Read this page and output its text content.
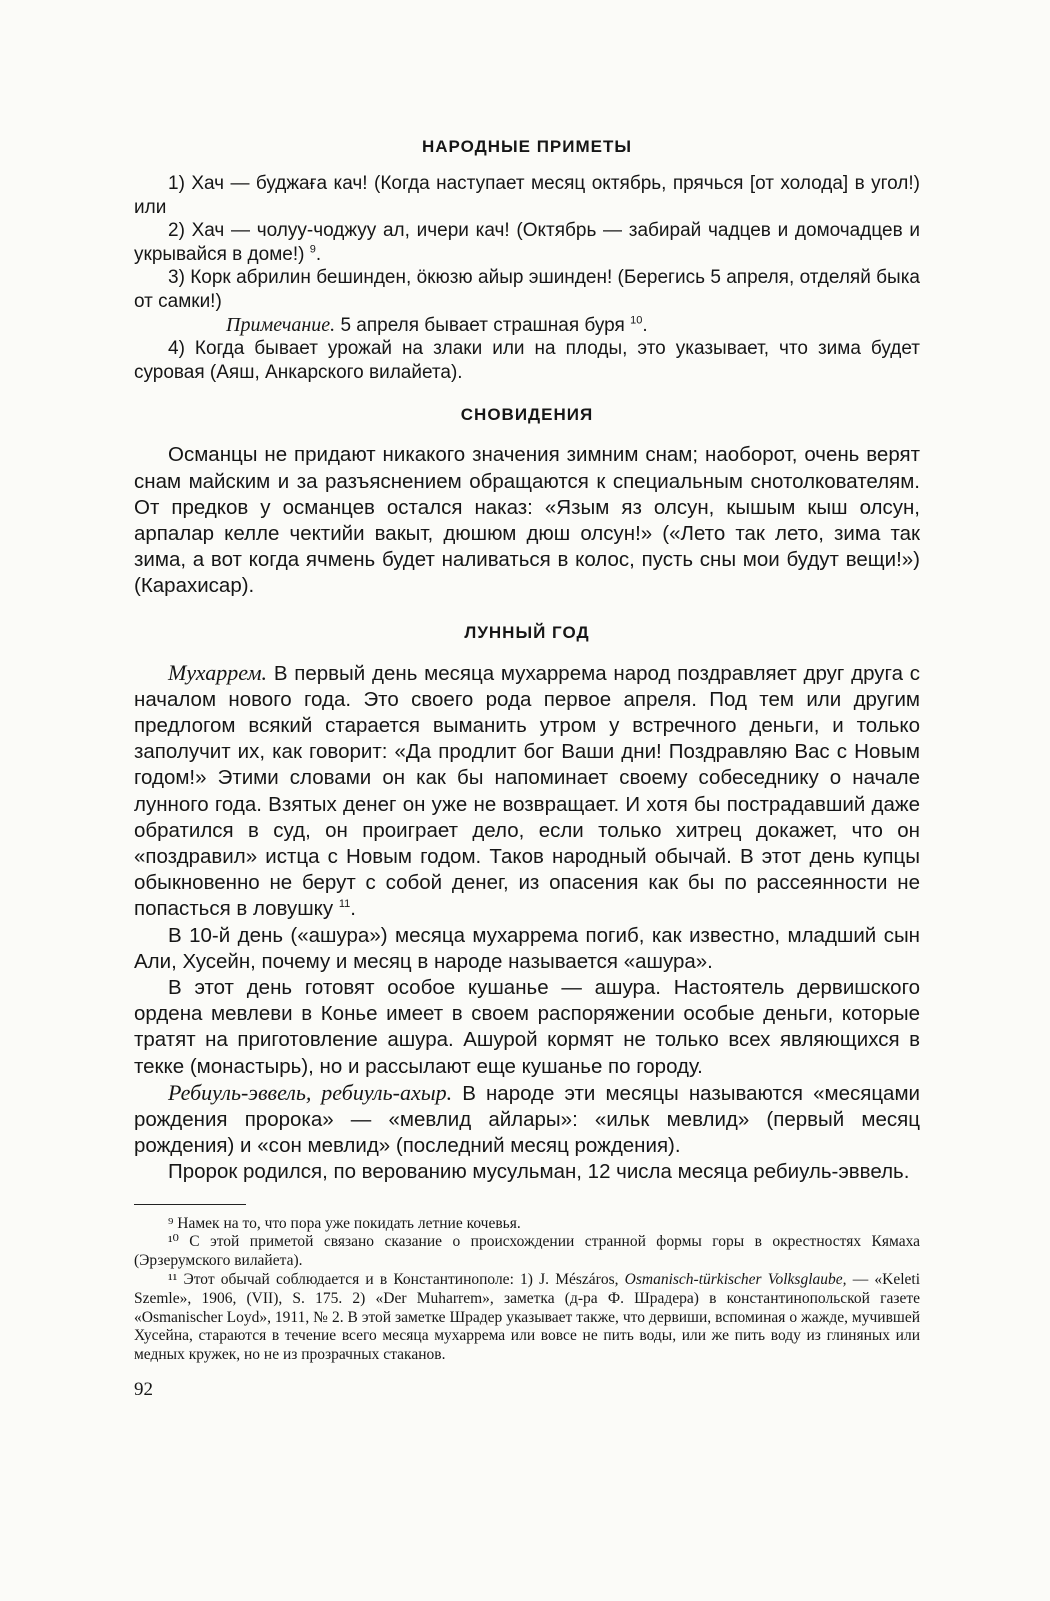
НАРОДНЫЕ ПРИМЕТЫ

1) Хач — буджаға кач! (Когда наступает месяц октябрь, прячься [от холода] в угол!) или

2) Хач — чолуу-чоджуу ал, ичери кач! (Октябрь — забирай чадцев и домочадцев и укрывайся в доме!) $^9$.

3) Корк абрилин бешинден, ӧкюзю айыр эшинден! (Берегись 5 апреля, отделяй быка от самки!)

Примечание. 5 апреля бывает страшная буря $^{10}$.

4) Когда бывает урожай на злаки или на плоды, это указывает, что зима будет суровая (Аяш, Анкарского вилайета).

СНОВИДЕНИЯ

Османцы не придают никакого значения зимним снам; наоборот, очень верят снам майским и за разъяснением обращаются к специальным снотолкователям. От предков у османцев остался наказ: «Язым яз олсун, кышым кыш олсун, арпалар келле чектийи вакыт, дюшюм дюш олсун!» («Лето так лето, зима так зима, а вот когда ячмень будет наливаться в колос, пусть сны мои будут вещи!») (Карахисар).

ЛУННЫЙ ГОД

Мухаррем. В первый день месяца мухаррема народ поздравляет друг друга с началом нового года. Это своего рода первое апреля. Под тем или другим предлогом всякий старается выманить утром у встречного деньги, и только заполучит их, как говорит: «Да продлит бог Ваши дни! Поздравляю Вас с Новым годом!» Этими словами он как бы напоминает своему собеседнику о начале лунного года. Взятых денег он уже не возвращает. И хотя бы пострадавший даже обратился в суд, он проиграет дело, если только хитрец докажет, что он «поздравил» истца с Новым годом. Таков народный обычай. В этот день купцы обыкновенно не берут с собой денег, из опасения как бы по рассеянности не попасться в ловушку $^{11}$.

В 10-й день («ашура») месяца мухаррема погиб, как известно, младший сын Али, Хусейн, почему и месяц в народе называется «ашура».

В этот день готовят особое кушанье — ашура. Настоятель дервишского ордена мевлеви в Конье имеет в своем распоряжении особые деньги, которые тратят на приготовление ашура. Ашурой кормят не только всех являющихся в текке (монастырь), но и рассылают еще кушанье по городу.

Ребиуль-эввель, ребиуль-ахыр. В народе эти месяцы называются «месяцами рождения пророка» — «мевлид айлары»: «ильк мевлид» (первый месяц рождения) и «сон мевлид» (последний месяц рождения).

Пророк родился, по верованию мусульман, 12 числа месяца ребиуль-эввель.

⁹ Намек на то, что пора уже покидать летние кочевья.

¹⁰ С этой приметой связано сказание о происхождении странной формы горы в окрестностях Кямаха (Эрзерумского вилайета).

¹¹ Этот обычай соблюдается и в Константинополе: 1) J. Mészáros, Osmanisch-türkischer Volksglaube, — «Keleti Szemle», 1906, (VII), S. 175. 2) «Der Muharrem», заметка (д-ра Ф. Шрадера) в константинопольской газете «Osmanischer Loyd», 1911, № 2. В этой заметке Шрадер указывает также, что дервиши, вспоминая о жажде, мучившей Хусейна, стараются в течение всего месяца мухаррема или вовсе не пить воды, или же пить воду из глиняных или медных кружек, но не из прозрачных стаканов.

92
